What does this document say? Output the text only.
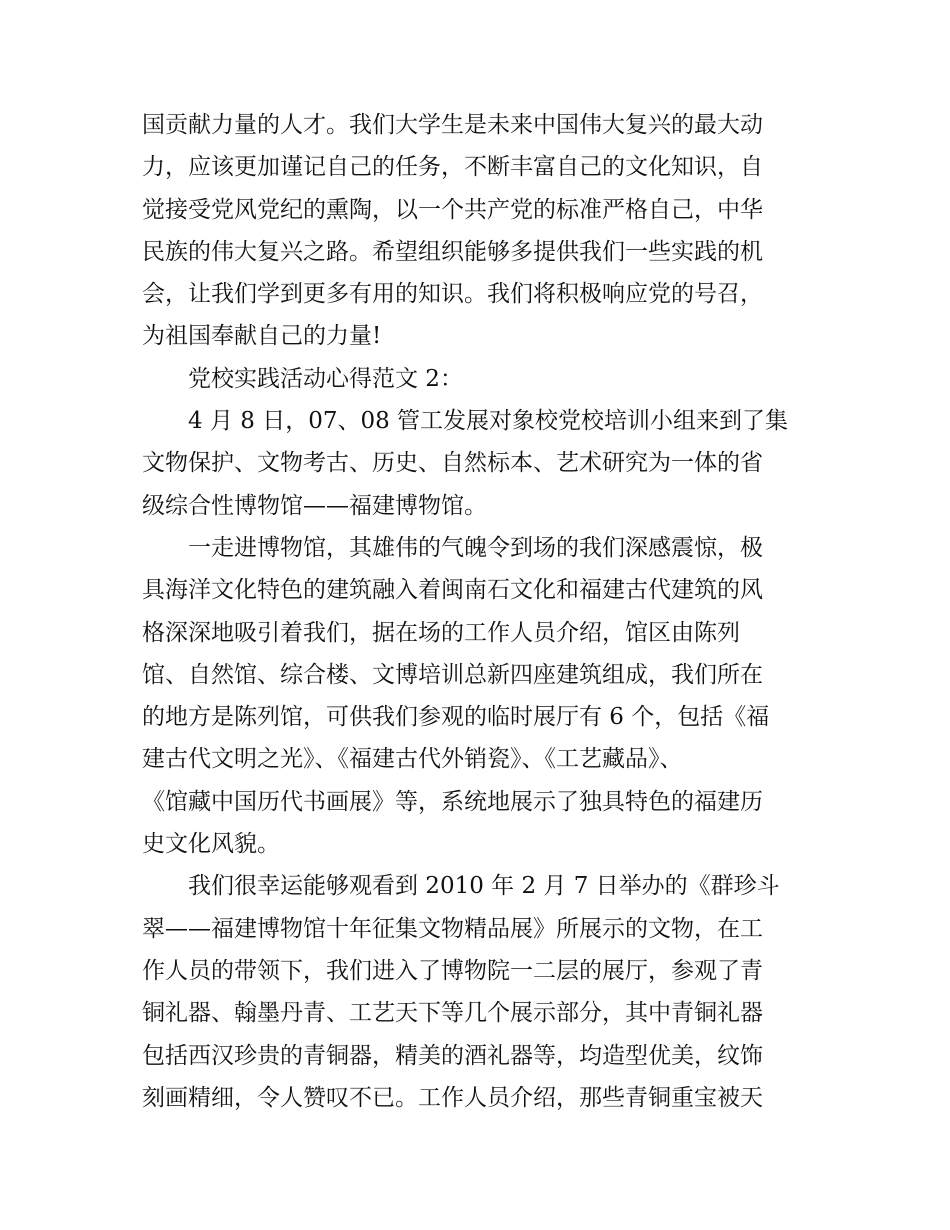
国贡献力量的人才。我们大学生是未来中国伟大复兴的最大动
力，应该更加谨记自己的任务，不断丰富自己的文化知识，自
觉接受党风党纪的熏陶，以一个共产党的标准严格自己，中华
民族的伟大复兴之路。希望组织能够多提供我们一些实践的机
会，让我们学到更多有用的知识。我们将积极响应党的号召，
为祖国奉献自己的力量!
党校实践活动心得范文 2：
4 月 8 日，07、08 管工发展对象校党校培训小组来到了集
文物保护、文物考古、历史、自然标本、艺术研究为一体的省
级综合性博物馆——福建博物馆。
一走进博物馆，其雄伟的气魄令到场的我们深感震惊，极
具海洋文化特色的建筑融入着闽南石文化和福建古代建筑的风
格深深地吸引着我们，据在场的工作人员介绍，馆区由陈列
馆、自然馆、综合楼、文博培训总新四座建筑组成，我们所在
的地方是陈列馆，可供我们参观的临时展厅有 6 个，包括《福
建古代文明之光》、《福建古代外销瓷》、《工艺藏品》、
《馆藏中国历代书画展》等，系统地展示了独具特色的福建历
史文化风貌。
我们很幸运能够观看到 2010 年 2 月 7 日举办的《群珍斗
翠——福建博物馆十年征集文物精品展》所展示的文物，在工
作人员的带领下，我们进入了博物院一二层的展厅，参观了青
铜礼器、翰墨丹青、工艺天下等几个展示部分，其中青铜礼器
包括西汉珍贵的青铜器，精美的酒礼器等，均造型优美，纹饰
刻画精细，令人赞叹不已。工作人员介绍，那些青铜重宝被天
